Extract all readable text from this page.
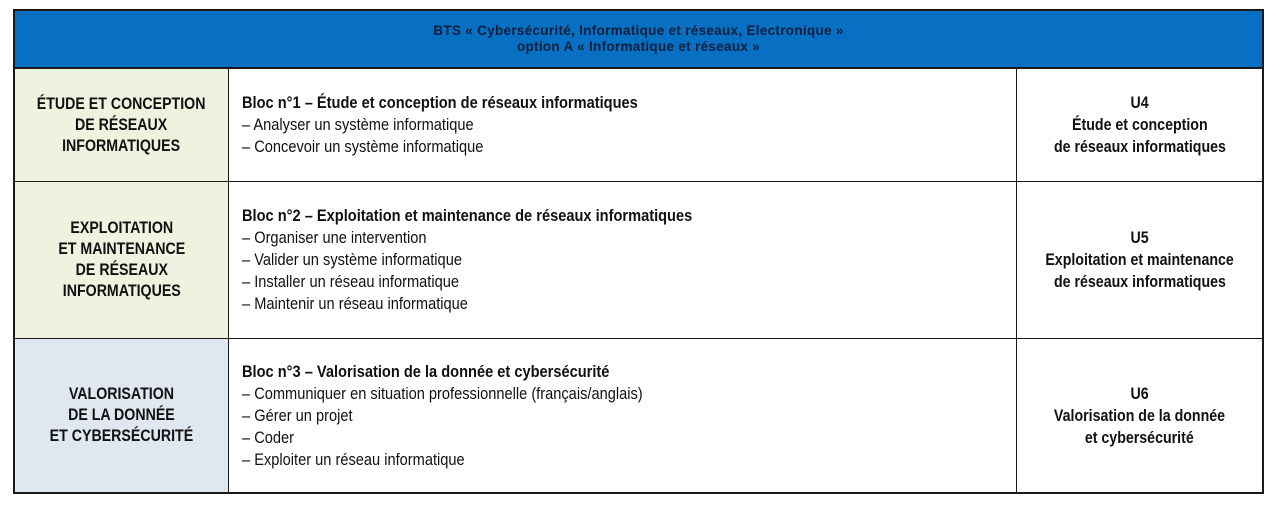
BTS « Cybersécurité, Informatique et réseaux, Electronique »
option A « Informatique et réseaux »
ÉTUDE ET CONCEPTION
DE RÉSEAUX
INFORMATIQUES
Bloc n°1 – Étude et conception de réseaux informatiques
– Analyser un système informatique
– Concevoir un système informatique
U4
Étude et conception
de réseaux informatiques
EXPLOITATION
ET MAINTENANCE
DE RÉSEAUX
INFORMATIQUES
Bloc n°2 – Exploitation et maintenance de réseaux informatiques
– Organiser une intervention
– Valider un système informatique
– Installer un réseau informatique
– Maintenir un réseau informatique
U5
Exploitation et maintenance
de réseaux informatiques
VALORISATION
DE LA DONNÉE
ET CYBERSÉCURITÉ
Bloc n°3 – Valorisation de la donnée et cybersécurité
– Communiquer en situation professionnelle (français/anglais)
– Gérer un projet
– Coder
– Exploiter un réseau informatique
U6
Valorisation de la donnée
et cybersécurité
